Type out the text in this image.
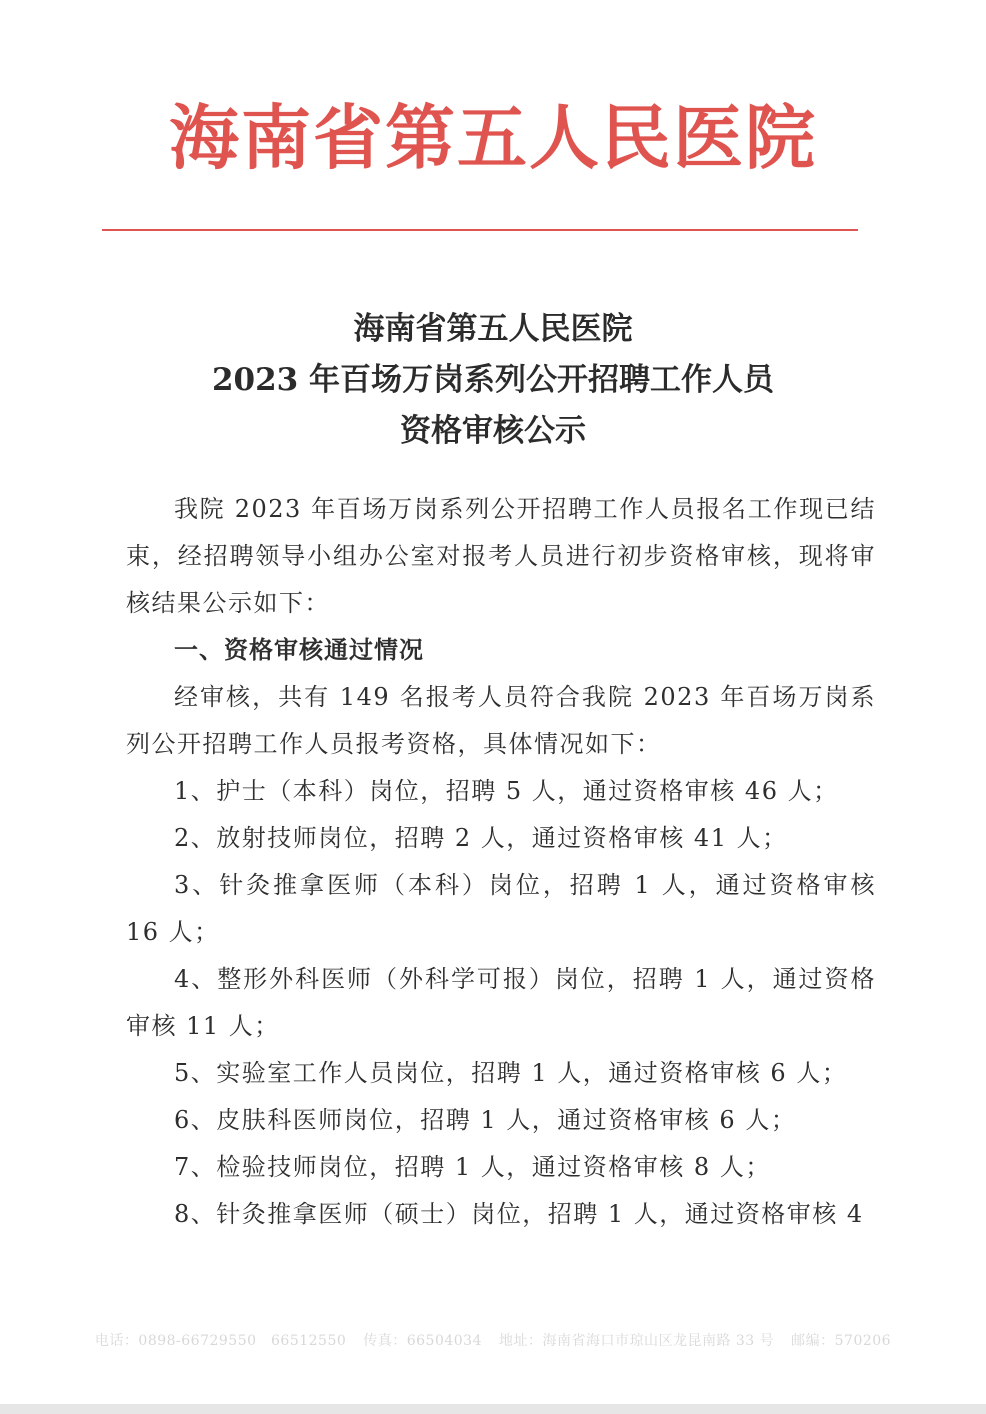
海南省第五人民医院
海南省第五人民医院
2023 年百场万岗系列公开招聘工作人员
资格审核公示

我院 2023 年百场万岗系列公开招聘工作人员报名工作现已结束，经招聘领导小组办公室对报考人员进行初步资格审核，现将审核结果公示如下：

一、资格审核通过情况

经审核，共有 149 名报考人员符合我院 2023 年百场万岗系列公开招聘工作人员报考资格，具体情况如下：

1、护士（本科）岗位，招聘 5 人，通过资格审核 46 人；

2、放射技师岗位，招聘 2 人，通过资格审核 41 人；

3、针灸推拿医师（本科）岗位，招聘 1 人，通过资格审核 16 人；

4、整形外科医师（外科学可报）岗位，招聘 1 人，通过资格审核 11 人；

5、实验室工作人员岗位，招聘 1 人，通过资格审核 6 人；

6、皮肤科医师岗位，招聘 1 人，通过资格审核 6 人；

7、检验技师岗位，招聘 1 人，通过资格审核 8 人；

8、针灸推拿医师（硕士）岗位，招聘 1 人，通过资格审核 4

电话：0898-66729550　66512550 传真：66504034 地址：海南省海口市琼山区龙昆南路 33 号 邮编：570206
